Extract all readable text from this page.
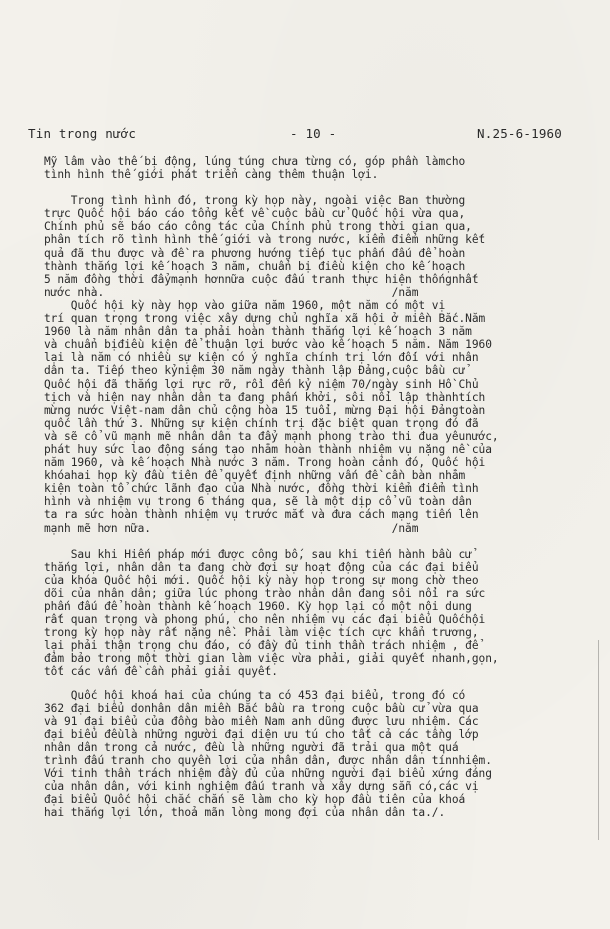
Tin trong nước	- 10 -	N.25-6-1960
Mỹ lâm vào thế bị động, lúng túng chưa từng có, góp phần làmcho
tình hình thế giới phát triển càng thêm thuận lợi.
Trong tình hình đó, trong kỳ họp này, ngoài việc Ban thường
trực Quốc hội báo cáo tổng kết về cuộc bầu cử Quốc hội vừa qua,
Chính phủ sẽ báo cáo công tác của Chính phủ trong thời gian qua,
phân tích rõ tình hình thế giới và trong nước, kiểm điểm những kết
quả đã thu được và đề ra phương hướng tiếp tục phấn đấu để hoàn
thành thắng lợi kế hoạch 3 năm, chuẩn bị điều kiện cho kế hoạch
5 năm đồng thời đẩymạnh hơnnữa cuộc đấu tranh thực hiện thốngnhất
nước nhà.                                           /năm
Quốc hội kỳ này họp vào giữa năm 1960, một năm có một vị
trí quan trọng trong việc xây dựng chủ nghĩa xã hội ở miền Bắc.Năm
1960 là năm nhân dân ta phải hoàn thành thắng lợi kế hoạch 3 năm
và chuẩn bịđiều kiện để thuận lợi bước vào kế hoạch 5 năm. Năm 1960
lại là năm có nhiều sự kiện có ý nghĩa chính trị lớn đối với nhân
dân ta. Tiếp theo kỷniệm 30 năm ngày thành lập Đảng,cuộc bầu cử
Quốc hội đã thắng lợi rực rỡ, rồi đến kỷ niệm 70/ngày sinh Hồ Chủ
tịch và hiện nay nhân dân ta đang phấn khởi, sôi nổi lập thànhtích
mừng nước Việt-nam dân chủ cộng hòa 15 tuổi, mừng Đại hội Đảngtoàn
quốc lần thứ 3. Những sự kiện chính trị đặc biệt quan trọng đó đã
và sẽ cổ vũ mạnh mẽ nhân dân ta đẩy mạnh phong trào thi đua yêunước,
phát huy sức lao động sáng tạo nhằm hoàn thành nhiệm vụ nặng nề của
năm 1960, và kế hoạch Nhà nước 3 năm. Trong hoàn cảnh đó, Quốc hội
khóahai họp kỳ đầu tiên để quyết định những vấn đề cần bàn nhằm
kiện toàn tổ chức lãnh đạo của Nhà nước, đồng thời kiểm điểm tình
hình và nhiệm vụ trong 6 tháng qua, sẽ là một dịp cổ vũ toàn dân
ta ra sức hoàn thành nhiệm vụ trước mắt và đưa cách mạng tiến lên
mạnh mẽ hơn nữa.                                    /năm
Sau khi Hiến pháp mới được công bố, sau khi tiến hành bầu cử
thắng lợi, nhân dân ta đang chờ đợi sự hoạt động của các đại biểu
của khóa Quốc hội mới. Quốc hội kỳ này họp trong sự mong chờ theo
dõi của nhân dân; giữa lúc phong trào nhân dân đang sôi nổi ra sức
phấn đấu để hoàn thành kế hoạch 1960. Kỳ họp lại có một nội dung
rất quan trọng và phong phú, cho nên nhiệm vụ các đại biểu Quốchội
trong kỳ họp này rất nặng nề. Phải làm việc tích cực khẩn trương,
lại phải thận trọng chu đáo, có đầy đủ tinh thần trách nhiệm , để
đảm bảo trong một thời gian làm việc vừa phải, giải quyết nhanh,gọn,
tốt các vấn đề cần phải giải quyết.
Quốc hội khoá hai của chúng ta có 453 đại biểu, trong đó có
362 đại biểu donhân dân miền Bắc bầu ra trong cuộc bầu cử vừa qua
và 91 đại biểu của đồng bào miền Nam anh dũng được lưu nhiệm. Các
đại biểu đềulà những người đại diện ưu tú cho tất cả các tầng lớp
nhân dân trong cả nước, đều là những người đã trải qua một quá
trình đấu tranh cho quyền lợi của nhân dân, được nhân dân tínnhiệm.
Với tinh thần trách nhiệm đầy đủ của những người đại biểu xứng đáng
của nhân dân, với kinh nghiệm đấu tranh và xây dựng sẵn có,các vị
đại biểu Quốc hội chắc chắn sẽ làm cho kỳ họp đầu tiên của khoá
hai thắng lợi lớn, thoả mãn lòng mong đợi của nhân dân ta./.
